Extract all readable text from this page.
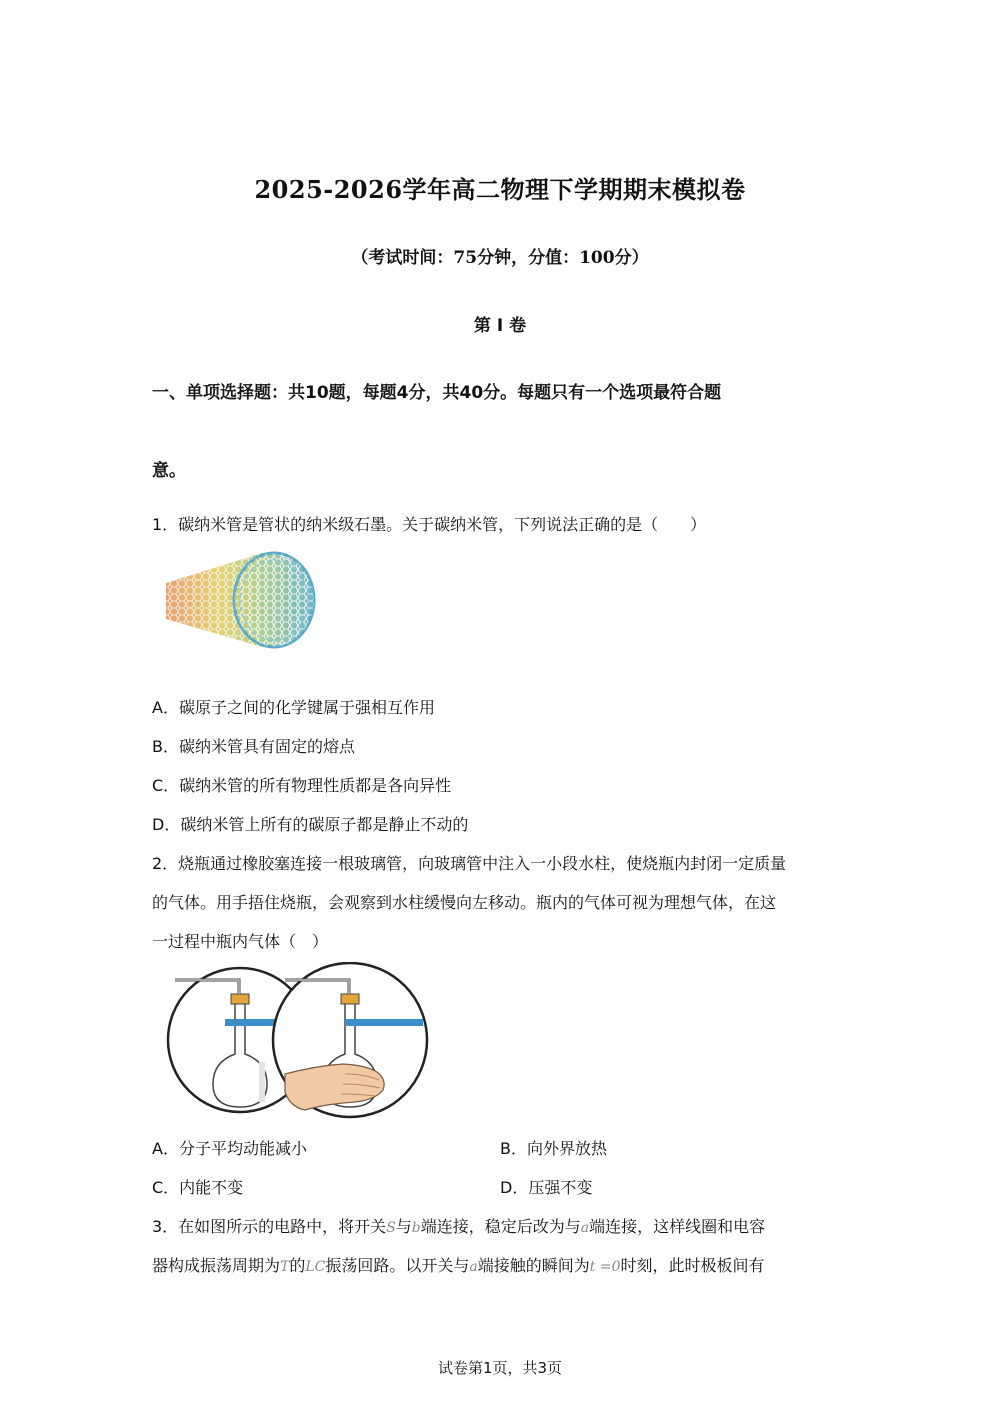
2025-2026学年高二物理下学期期末模拟卷
（考试时间：75分钟，分值：100分）
第 I 卷
一、单项选择题：共10题，每题4分，共40分。每题只有一个选项最符合题
意。
1．碳纳米管是管状的纳米级石墨。关于碳纳米管，下列说法正确的是（　　）
A．碳原子之间的化学键属于强相互作用
B．碳纳米管具有固定的熔点
C．碳纳米管的所有物理性质都是各向异性
D．碳纳米管上所有的碳原子都是静止不动的
2．烧瓶通过橡胶塞连接一根玻璃管，向玻璃管中注入一小段水柱，使烧瓶内封闭一定质量
的气体。用手捂住烧瓶，会观察到水柱缓慢向左移动。瓶内的气体可视为理想气体，在这
一过程中瓶内气体（　）
A．分子平均动能减小	B．向外界放热
C．内能不变	D．压强不变
3．在如图所示的电路中，将开关S与b端连接，稳定后改为与a端连接，这样线圈和电容
器构成振荡周期为T的LC振荡回路。以开关与a端接触的瞬间为t =0时刻，此时极板间有
试卷第1页，共3页
